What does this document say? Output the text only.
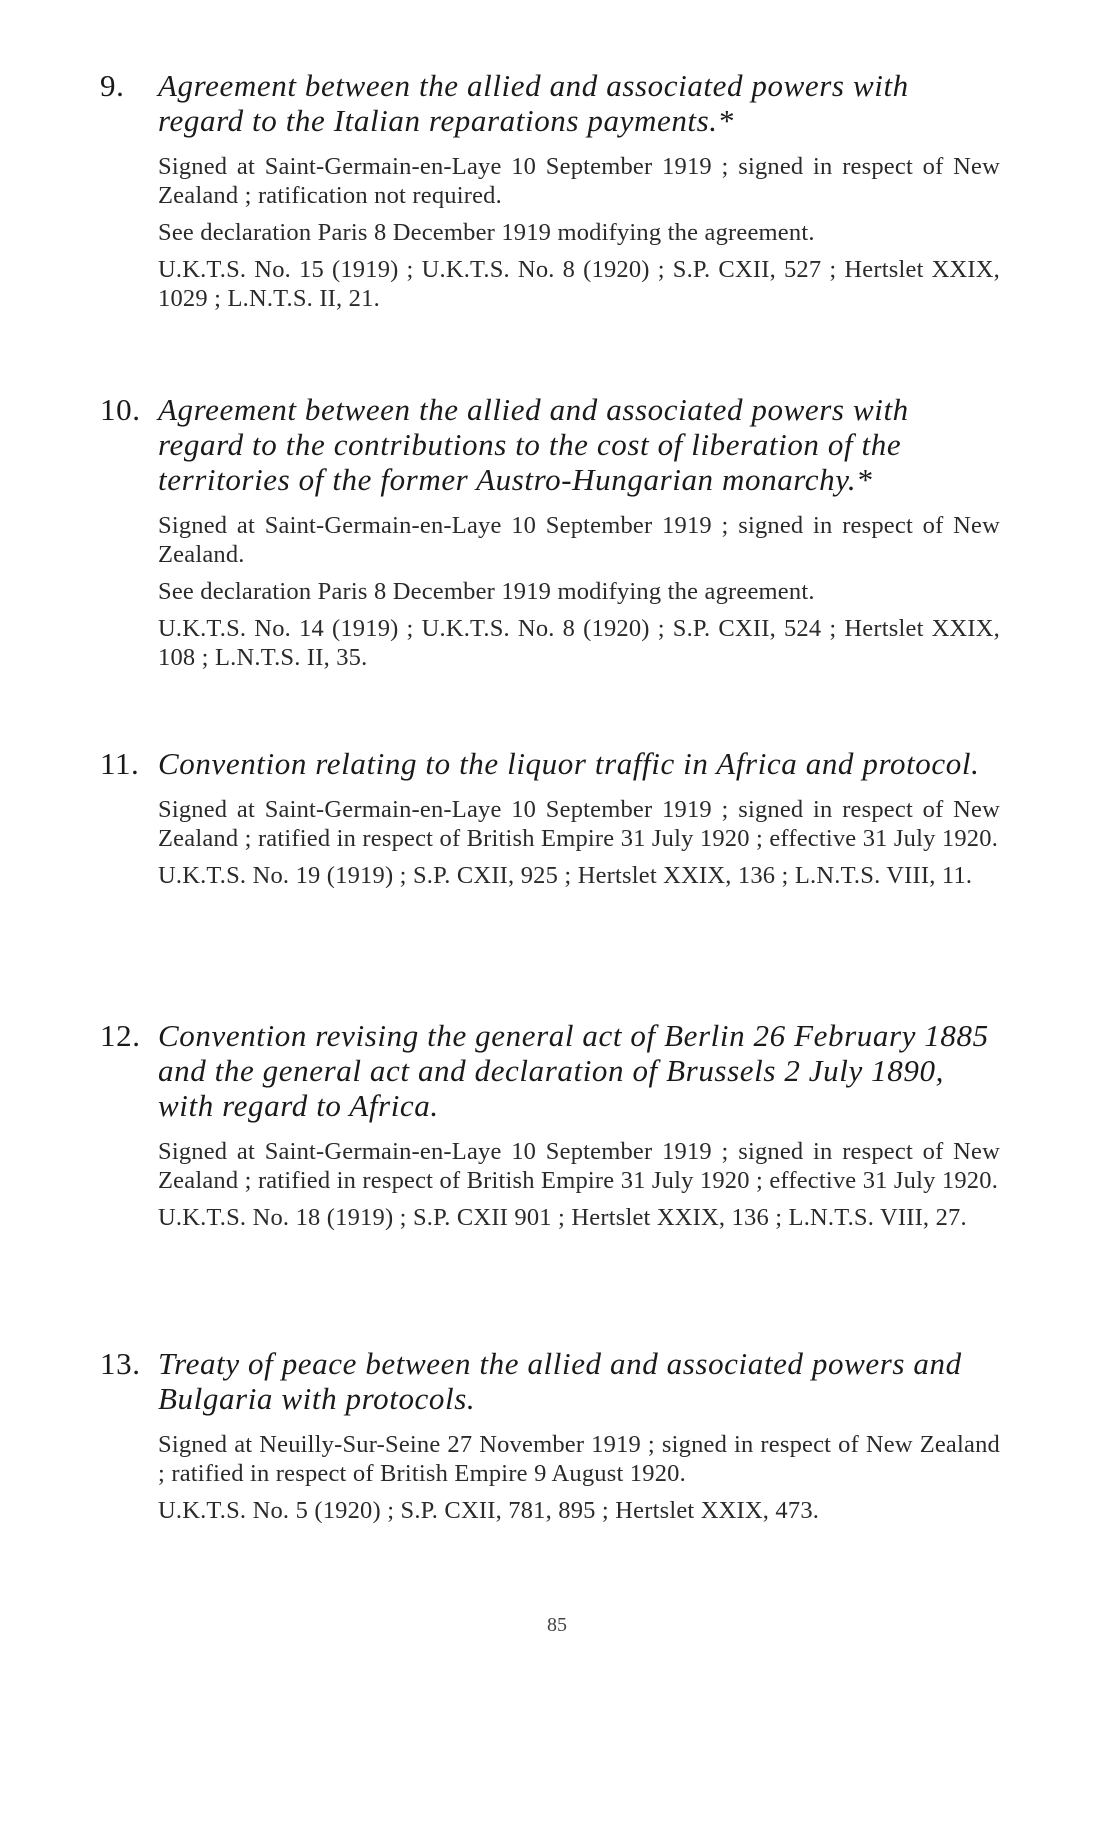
9. Agreement between the allied and associated powers with regard to the Italian reparations payments.*

Signed at Saint-Germain-en-Laye 10 September 1919 ; signed in respect of New Zealand ; ratification not required.

See declaration Paris 8 December 1919 modifying the agreement.

U.K.T.S. No. 15 (1919) ; U.K.T.S. No. 8 (1920) ; S.P. CXII, 527 ; Hertslet XXIX, 1029 ; L.N.T.S. II, 21.

10. Agreement between the allied and associated powers with regard to the contributions to the cost of liberation of the territories of the former Austro-Hungarian monarchy.*

Signed at Saint-Germain-en-Laye 10 September 1919 ; signed in respect of New Zealand.

See declaration Paris 8 December 1919 modifying the agreement.

U.K.T.S. No. 14 (1919) ; U.K.T.S. No. 8 (1920) ; S.P. CXII, 524 ; Hertslet XXIX, 108 ; L.N.T.S. II, 35.

11. Convention relating to the liquor traffic in Africa and protocol.

Signed at Saint-Germain-en-Laye 10 September 1919 ; signed in respect of New Zealand ; ratified in respect of British Empire 31 July 1920 ; effective 31 July 1920.

U.K.T.S. No. 19 (1919) ; S.P. CXII, 925 ; Hertslet XXIX, 136 ; L.N.T.S. VIII, 11.

12. Convention revising the general act of Berlin 26 February 1885 and the general act and declaration of Brussels 2 July 1890, with regard to Africa.

Signed at Saint-Germain-en-Laye 10 September 1919 ; signed in respect of New Zealand ; ratified in respect of British Empire 31 July 1920 ; effective 31 July 1920.

U.K.T.S. No. 18 (1919) ; S.P. CXII 901 ; Hertslet XXIX, 136 ; L.N.T.S. VIII, 27.

13. Treaty of peace between the allied and associated powers and Bulgaria with protocols.

Signed at Neuilly-Sur-Seine 27 November 1919 ; signed in respect of New Zealand ; ratified in respect of British Empire 9 August 1920.

U.K.T.S. No. 5 (1920) ; S.P. CXII, 781, 895 ; Hertslet XXIX, 473.

85
